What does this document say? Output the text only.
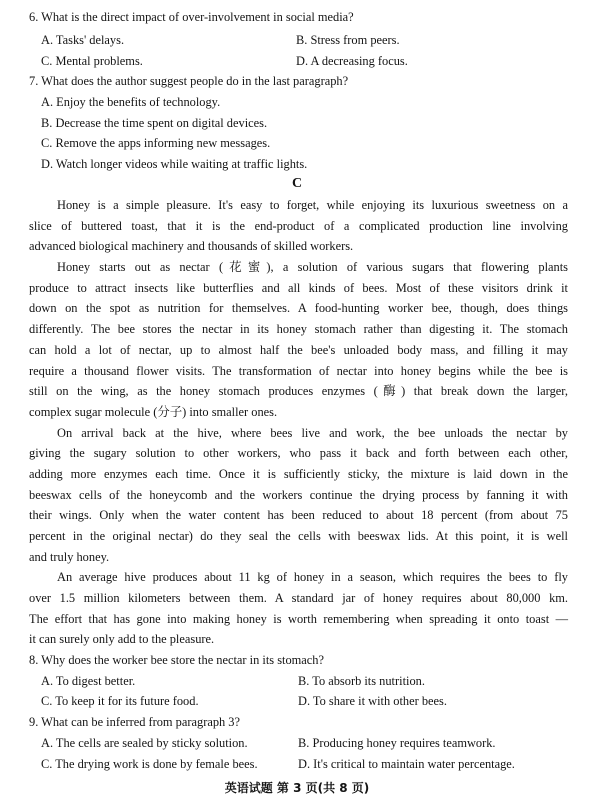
6. What is the direct impact of over-involvement in social media?
A. Tasks' delays.	B. Stress from peers.
C. Mental problems.	D. A decreasing focus.
7. What does the author suggest people do in the last paragraph?
A. Enjoy the benefits of technology.
B. Decrease the time spent on digital devices.
C. Remove the apps informing new messages.
D. Watch longer videos while waiting at traffic lights.
C
Honey is a simple pleasure. It's easy to forget, while enjoying its luxurious sweetness on a
slice of buttered toast, that it is the end-product of a complicated production line involving
advanced biological machinery and thousands of skilled workers.
Honey starts out as nectar (花蜜), a solution of various sugars that flowering plants
produce to attract insects like butterflies and all kinds of bees. Most of these visitors drink it
down on the spot as nutrition for themselves. A food-hunting worker bee, though, does things
differently. The bee stores the nectar in its honey stomach rather than digesting it. The stomach
can hold a lot of nectar, up to almost half the bee's unloaded body mass, and filling it may
require a thousand flower visits. The transformation of nectar into honey begins while the bee is
still on the wing, as the honey stomach produces enzymes (酶) that break down the larger,
complex sugar molecule (分子) into smaller ones.
On arrival back at the hive, where bees live and work, the bee unloads the nectar by
giving the sugary solution to other workers, who pass it back and forth between each other,
adding more enzymes each time. Once it is sufficiently sticky, the mixture is laid down in the
beeswax cells of the honeycomb and the workers continue the drying process by fanning it with
their wings. Only when the water content has been reduced to about 18 percent (from about 75
percent in the original nectar) do they seal the cells with beeswax lids. At this point, it is well
and truly honey.
An average hive produces about 11 kg of honey in a season, which requires the bees to fly
over 1.5 million kilometers between them. A standard jar of honey requires about 80,000 km.
The effort that has gone into making honey is worth remembering when spreading it onto toast —
it can surely only add to the pleasure.
8. Why does the worker bee store the nectar in its stomach?
A. To digest better.	B. To absorb its nutrition.
C. To keep it for its future food.	D. To share it with other bees.
9. What can be inferred from paragraph 3?
A. The cells are sealed by sticky solution.	B. Producing honey requires teamwork.
C. The drying work is done by female bees.	D. It's critical to maintain water percentage.
英语试题 第 3 页(共 8 页)
